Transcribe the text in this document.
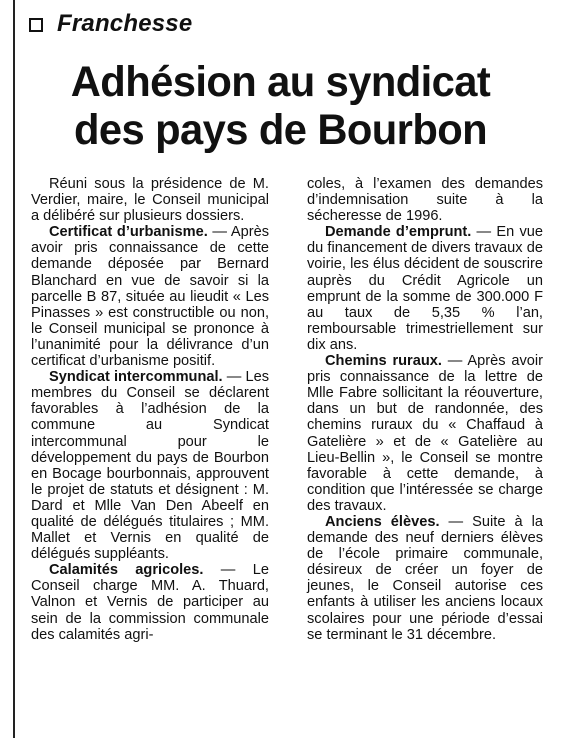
Franchesse
Adhésion au syndicat
des pays de Bourbon

Réuni sous la présidence de M. Verdier, maire, le Conseil municipal a délibéré sur plusieurs dossiers.

Certificat d’urbanisme. — Après avoir pris connaissance de cette demande déposée par Bernard Blanchard en vue de savoir si la parcelle B 87, située au lieudit « Les Pinasses » est constructible ou non, le Conseil municipal se prononce à l’unanimité pour la délivrance d’un certificat d’urbanisme positif.

Syndicat intercommunal. — Les membres du Conseil se déclarent favorables à l’adhésion de la commune au Syndicat intercommunal pour le développement du pays de Bourbon en Bocage bourbonnais, approuvent le projet de statuts et désignent : M. Dard et Mlle Van Den Abeelf en qualité de délégués titulaires ; MM. Mallet et Vernis en qualité de délégués suppléants.

Calamités agricoles. — Le Conseil charge MM. A. Thuard, Valnon et Vernis de participer au sein de la commission communale des calamités agri-

coles, à l’examen des demandes d’indemnisation suite à la sécheresse de 1996.

Demande d’emprunt. — En vue du financement de divers travaux de voirie, les élus décident de souscrire auprès du Crédit Agricole un emprunt de la somme de 300.000 F au taux de 5,35 % l’an, remboursable trimestriellement sur dix ans.

Chemins ruraux. — Après avoir pris connaissance de la lettre de Mlle Fabre sollicitant la réouverture, dans un but de randonnée, des chemins ruraux du « Chaffaud à Gatelière » et de « Gatelière au Lieu-Bellin », le Conseil se montre favorable à cette demande, à condition que l’intéressée se charge des travaux.

Anciens élèves. — Suite à la demande des neuf derniers élèves de l’école primaire communale, désireux de créer un foyer de jeunes, le Conseil autorise ces enfants à utiliser les anciens locaux scolaires pour une période d’essai se terminant le 31 décembre.
